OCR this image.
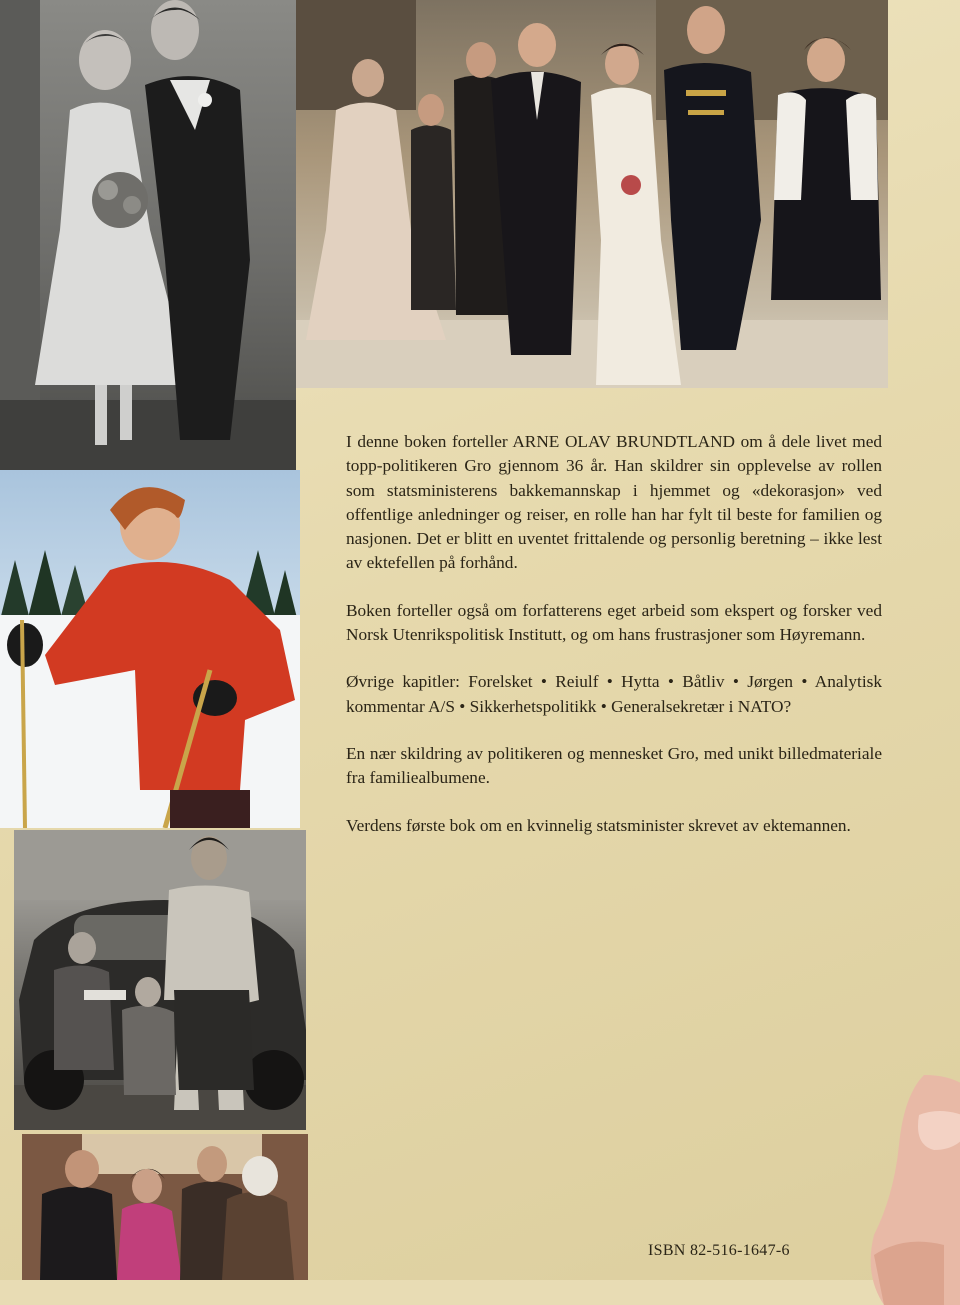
I denne boken forteller ARNE OLAV BRUNDTLAND om å dele livet med topp-politikeren Gro gjennom 36 år. Han skildrer sin opplevelse av rollen som statsministerens bakkemannskap i hjemmet og «dekorasjon» ved offentlige anledninger og reiser, en rolle han har fylt til beste for familien og nasjonen. Det er blitt en uventet frittalende og personlig beretning – ikke lest av ektefellen på forhånd.

Boken forteller også om forfatterens eget arbeid som ekspert og forsker ved Norsk Utenrikspolitisk Institutt, og om hans frustrasjoner som Høyremann.

Øvrige kapitler: Forelsket • Reiulf • Hytta • Båtliv • Jørgen • Analytisk kommentar A/S • Sikkerhetspolitikk • Generalsekretær i NATO?

En nær skildring av politikeren og mennesket Gro, med unikt billedmateriale fra familiealbumene.

Verdens første bok om en kvinnelig statsminister skrevet av ektemannen.

ISBN 82-516-1647-6
